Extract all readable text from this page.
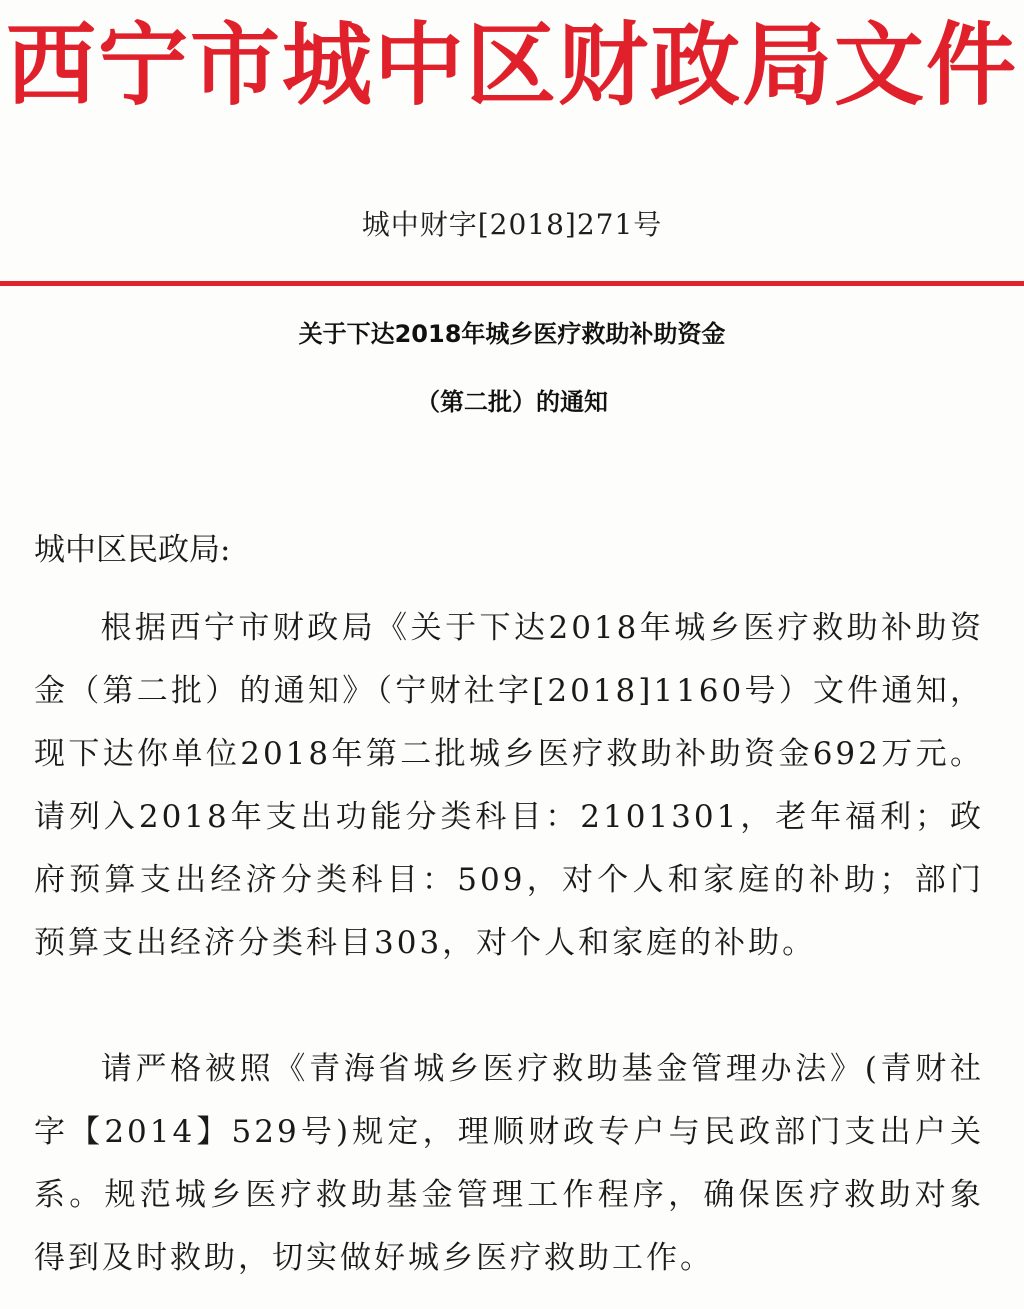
西宁市城中区财政局文件
城中财字[2018]271号
关于下达2018年城乡医疗救助补助资金
（第二批）的通知
城中区民政局:
根据西宁市财政局《关于下达2018年城乡医疗救助补助资金（第二批）的通知》（宁财社字[2018]1160号）文件通知，现下达你单位2018年第二批城乡医疗救助补助资金692万元。请列入2018年支出功能分类科目：2101301，老年福利；政府预算支出经济分类科目：509，对个人和家庭的补助；部门预算支出经济分类科目303，对个人和家庭的补助。
请严格被照《青海省城乡医疗救助基金管理办法》(青财社字【2014】529号)规定，理顺财政专户与民政部门支出户关系。规范城乡医疗救助基金管理工作程序，确保医疗救助对象得到及时救助，切实做好城乡医疗救助工作。
